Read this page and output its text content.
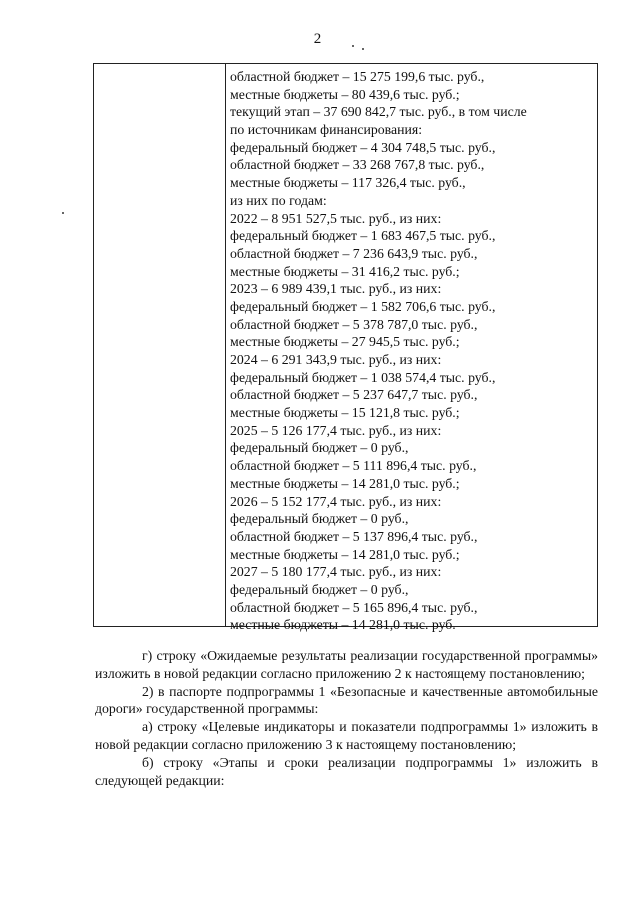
2
областной бюджет – 15 275 199,6 тыс. руб.,
местные бюджеты – 80 439,6 тыс. руб.;
текущий этап – 37 690 842,7 тыс. руб., в том числе
по источникам финансирования:
федеральный бюджет – 4 304 748,5 тыс. руб.,
областной бюджет – 33 268 767,8 тыс. руб.,
местные бюджеты – 117 326,4 тыс. руб.,
из них по годам:
2022 – 8 951 527,5 тыс. руб., из них:
федеральный бюджет – 1 683 467,5 тыс. руб.,
областной бюджет – 7 236 643,9 тыс. руб.,
местные бюджеты – 31 416,2 тыс. руб.;
2023 – 6 989 439,1 тыс. руб., из них:
федеральный бюджет – 1 582 706,6 тыс. руб.,
областной бюджет – 5 378 787,0 тыс. руб.,
местные бюджеты – 27 945,5 тыс. руб.;
2024 – 6 291 343,9 тыс. руб., из них:
федеральный бюджет – 1 038 574,4 тыс. руб.,
областной бюджет – 5 237 647,7 тыс. руб.,
местные бюджеты – 15 121,8 тыс. руб.;
2025 – 5 126 177,4 тыс. руб., из них:
федеральный бюджет – 0 руб.,
областной бюджет – 5 111 896,4 тыс. руб.,
местные бюджеты – 14 281,0 тыс. руб.;
2026 – 5 152 177,4 тыс. руб., из них:
федеральный бюджет – 0 руб.,
областной бюджет – 5 137 896,4 тыс. руб.,
местные бюджеты – 14 281,0 тыс. руб.;
2027 – 5 180 177,4 тыс. руб., из них:
федеральный бюджет – 0 руб.,
областной бюджет – 5 165 896,4 тыс. руб.,
местные бюджеты – 14 281,0 тыс. руб.

г) строку «Ожидаемые результаты реализации государственной программы» изложить в новой редакции согласно приложению 2 к настоящему постановлению;

2) в паспорте подпрограммы 1 «Безопасные и качественные автомобильные дороги» государственной программы:

а) строку «Целевые индикаторы и показатели подпрограммы 1» изложить в новой редакции согласно приложению 3 к настоящему постановлению;

б) строку «Этапы и сроки реализации подпрограммы 1» изложить в следующей редакции:
